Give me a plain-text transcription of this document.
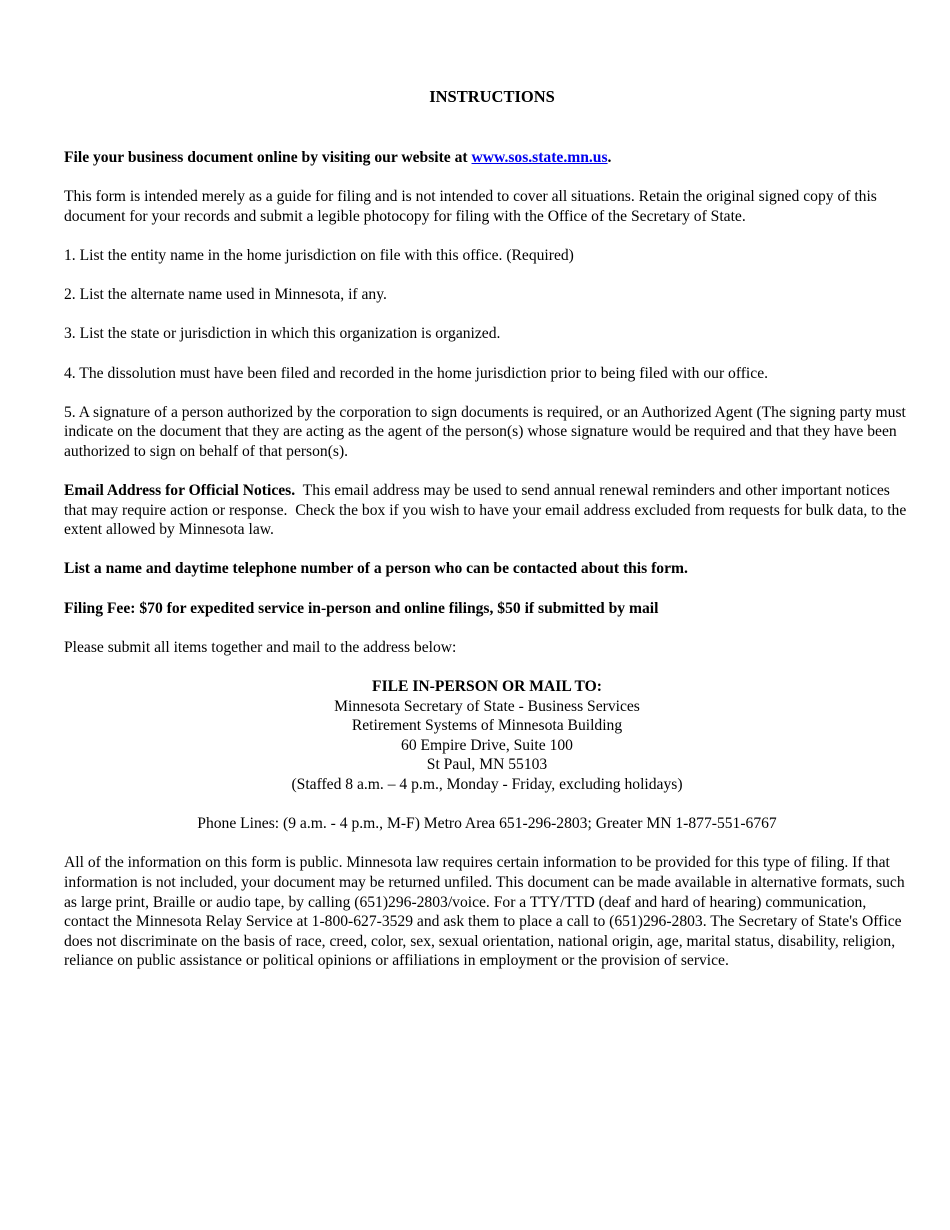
INSTRUCTIONS

File your business document online by visiting our website at www.sos.state.mn.us.

This form is intended merely as a guide for filing and is not intended to cover all situations. Retain the original signed copy of this document for your records and submit a legible photocopy for filing with the Office of the Secretary of State.

1. List the entity name in the home jurisdiction on file with this office. (Required)

2. List the alternate name used in Minnesota, if any.

3. List the state or jurisdiction in which this organization is organized.

4. The dissolution must have been filed and recorded in the home jurisdiction prior to being filed with our office.

5. A signature of a person authorized by the corporation to sign documents is required, or an Authorized Agent (The signing party must indicate on the document that they are acting as the agent of the person(s) whose signature would be required and that they have been authorized to sign on behalf of that person(s).

Email Address for Official Notices.  This email address may be used to send annual renewal reminders and other important notices that may require action or response.  Check the box if you wish to have your email address excluded from requests for bulk data, to the extent allowed by Minnesota law.

List a name and daytime telephone number of a person who can be contacted about this form.

Filing Fee: $70 for expedited service in-person and online filings, $50 if submitted by mail

Please submit all items together and mail to the address below:

FILE IN-PERSON OR MAIL TO:
Minnesota Secretary of State - Business Services
Retirement Systems of Minnesota Building
60 Empire Drive, Suite 100
St Paul, MN 55103
(Staffed 8 a.m. – 4 p.m., Monday - Friday, excluding holidays)

Phone Lines: (9 a.m. - 4 p.m., M-F) Metro Area 651-296-2803; Greater MN 1-877-551-6767

All of the information on this form is public. Minnesota law requires certain information to be provided for this type of filing. If that information is not included, your document may be returned unfiled. This document can be made available in alternative formats, such as large print, Braille or audio tape, by calling (651)296-2803/voice. For a TTY/TTD (deaf and hard of hearing) communication, contact the Minnesota Relay Service at 1-800-627-3529 and ask them to place a call to (651)296-2803. The Secretary of State's Office does not discriminate on the basis of race, creed, color, sex, sexual orientation, national origin, age, marital status, disability, religion, reliance on public assistance or political opinions or affiliations in employment or the provision of service.
